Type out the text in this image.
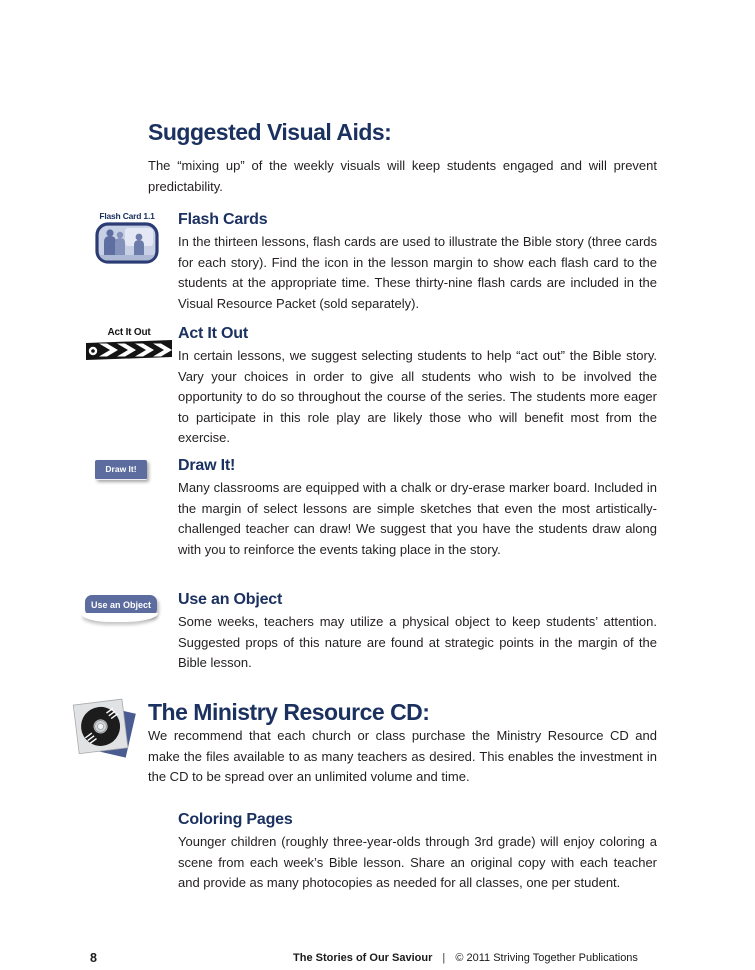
Suggested Visual Aids:

The “mixing up” of the weekly visuals will keep students engaged and will prevent predictability.

Flash Card 1.1 Flash Cards

In the thirteen lessons, flash cards are used to illustrate the Bible story (three cards for each story). Find the icon in the lesson margin to show each flash card to the students at the appropriate time. These thirty-nine flash cards are included in the Visual Resource Packet (sold separately).

Act It Out	Act It Out

In certain lessons, we suggest selecting students to help “act out” the Bible story. Vary your choices in order to give all students who wish to be involved the opportunity to do so throughout the course of the series. The students more eager to participate in this role play are likely those who will benefit most from the exercise.

Draw It!	Draw It!

Many classrooms are equipped with a chalk or dry-erase marker board. Included in the margin of select lessons are simple sketches that even the most artistically-challenged teacher can draw! We suggest that you have the students draw along with you to reinforce the events taking place in the story.

Use an Object	Use an Object

Some weeks, teachers may utilize a physical object to keep students’ attention. Suggested props of this nature are found at strategic points in the margin of the Bible lesson.

The Ministry Resource CD:

We recommend that each church or class purchase the Ministry Resource CD and make the files available to as many teachers as desired. This enables the investment in the CD to be spread over an unlimited volume and time.

Coloring Pages

Younger children (roughly three-year-olds through 3rd grade) will enjoy coloring a scene from each week’s Bible lesson. Share an original copy with each teacher and provide as many photocopies as needed for all classes, one per student.

8	The Stories of Our Saviour | © 2011 Striving Together Publications
